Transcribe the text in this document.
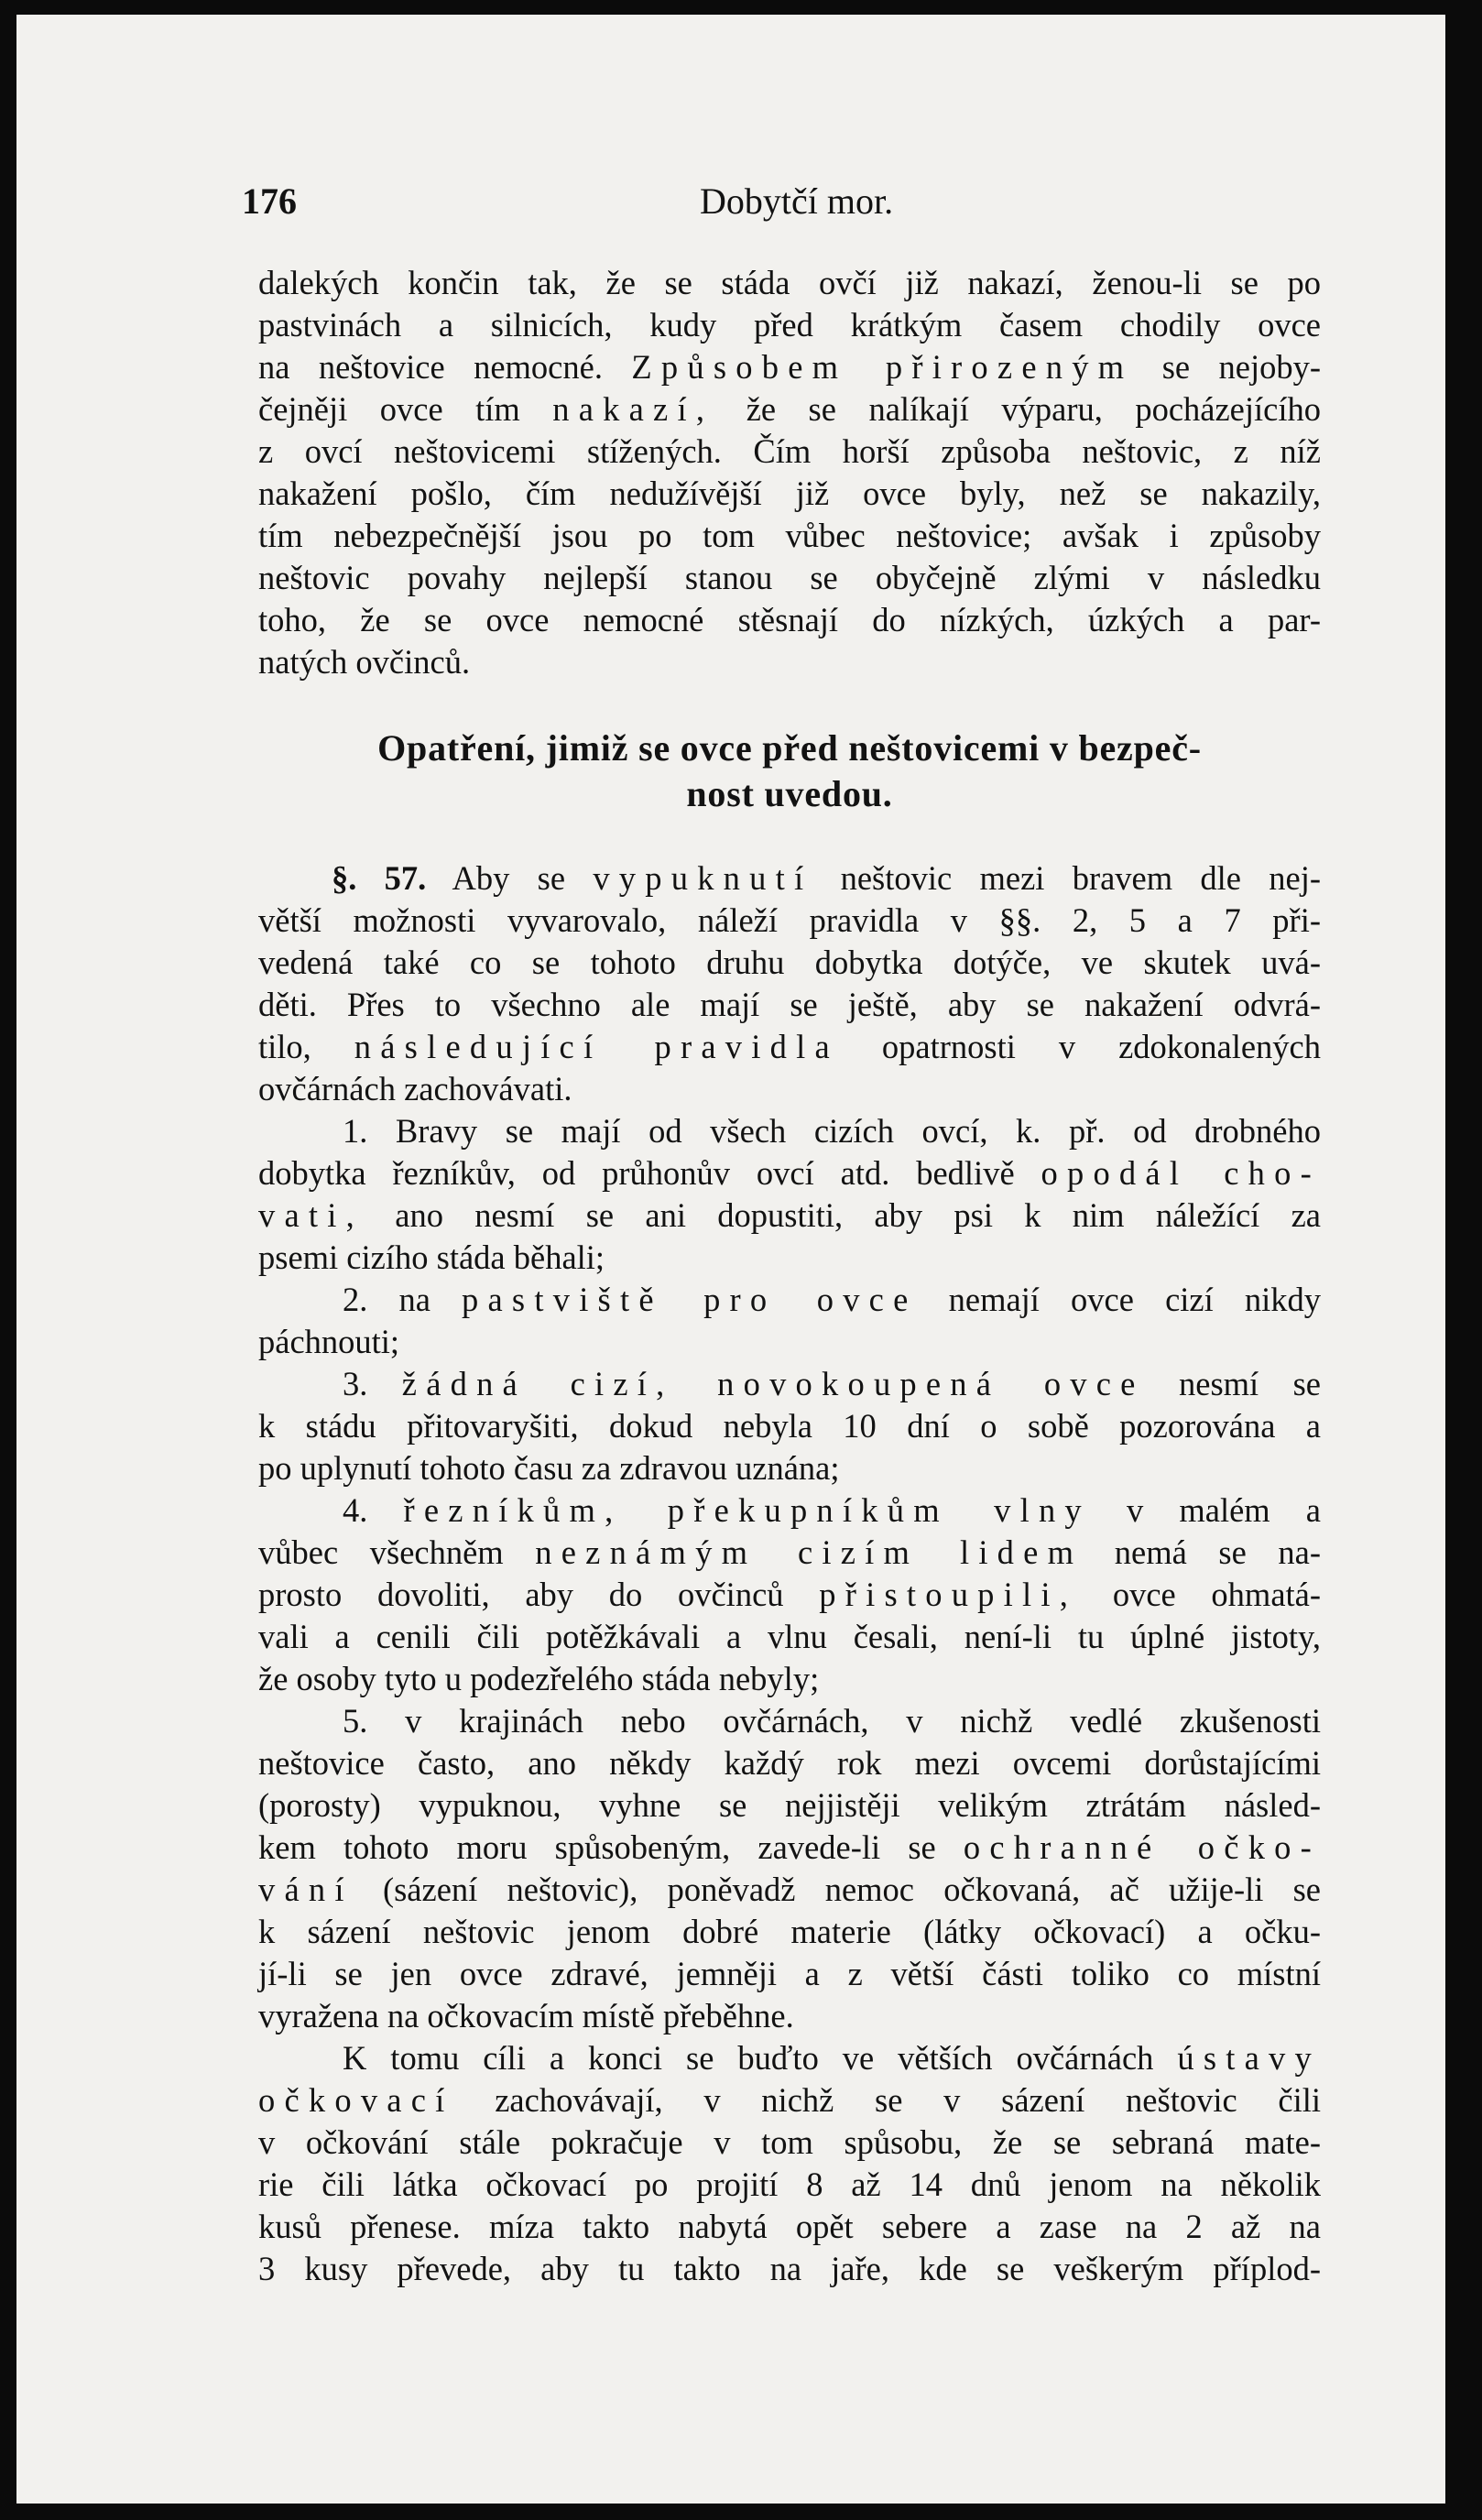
176	Dobytčí mor.

dalekých končin tak, že se stáda ovčí již nakazí, ženou-li se po

pastvinách a silnicích, kudy před krátkým časem chodily ovce

na neštovice nemocné. Způsobem přirozeným se nejoby-

čejněji ovce tím nakazí, že se nalíkají výparu, pocházejícího

z ovcí neštovicemi stížených. Čím horší způsoba neštovic, z níž

nakažení pošlo, čím nedužívější již ovce byly, než se nakazily,

tím nebezpečnější jsou po tom vůbec neštovice; avšak i způsoby

neštovic povahy nejlepší stanou se obyčejně zlými v následku

toho, že se ovce nemocné stěsnají do nízkých, úzkých a par-

natých ovčinců.

Opatření, jimiž se ovce před neštovicemi v bezpeč-
nost uvedou.

§. 57. Aby se vypuknutí neštovic mezi bravem dle nej-

větší možnosti vyvarovalo, náleží pravidla v §§. 2, 5 a 7 při-

vedená také co se tohoto druhu dobytka dotýče, ve skutek uvá-

děti. Přes to všechno ale mají se ještě, aby se nakažení odvrá-

tilo, následující pravidla opatrnosti v zdokonalených

ovčárnách zachovávati.

1. Bravy se mají od všech cizích ovcí, k. př. od drobného

dobytka řezníkův, od průhonův ovcí atd. bedlivě opodál cho-

vati, ano nesmí se ani dopustiti, aby psi k nim náležící za

psemi cizího stáda běhali;

2. na pastviště pro ovce nemají ovce cizí nikdy

páchnouti;

3. žádná cizí, novokoupená ovce nesmí se

k stádu přitovaryšiti, dokud nebyla 10 dní o sobě pozorována a

po uplynutí tohoto času za zdravou uznána;

4. řezníkům, překupníkům vlny v malém a

vůbec všechněm neznámým cizím lidem nemá se na-

prosto dovoliti, aby do ovčinců přistoupili, ovce ohmatá-

vali a cenili čili potěžkávali a vlnu česali, není-li tu úplné jistoty,

že osoby tyto u podezřelého stáda nebyly;

5. v krajinách nebo ovčárnách, v nichž vedlé zkušenosti

neštovice často, ano někdy každý rok mezi ovcemi dorůstajícími

(porosty) vypuknou, vyhne se nejjistěji velikým ztrátám násled-

kem tohoto moru spůsobeným, zavede-li se ochranné očko-

vání (sázení neštovic), poněvadž nemoc očkovaná, ač užije-li se

k sázení neštovic jenom dobré materie (látky očkovací) a očku-

jí-li se jen ovce zdravé, jemněji a z větší části toliko co místní

vyražena na očkovacím místě přeběhne.

K tomu cíli a konci se buďto ve větších ovčárnách ústavy

očkovací zachovávají, v nichž se v sázení neštovic čili

v očkování stále pokračuje v tom spůsobu, že se sebraná mate-

rie čili látka očkovací po projití 8 až 14 dnů jenom na několik

kusů přenese. míza takto nabytá opět sebere a zase na 2 až na

3 kusy převede, aby tu takto na jaře, kde se veškerým příplod-
